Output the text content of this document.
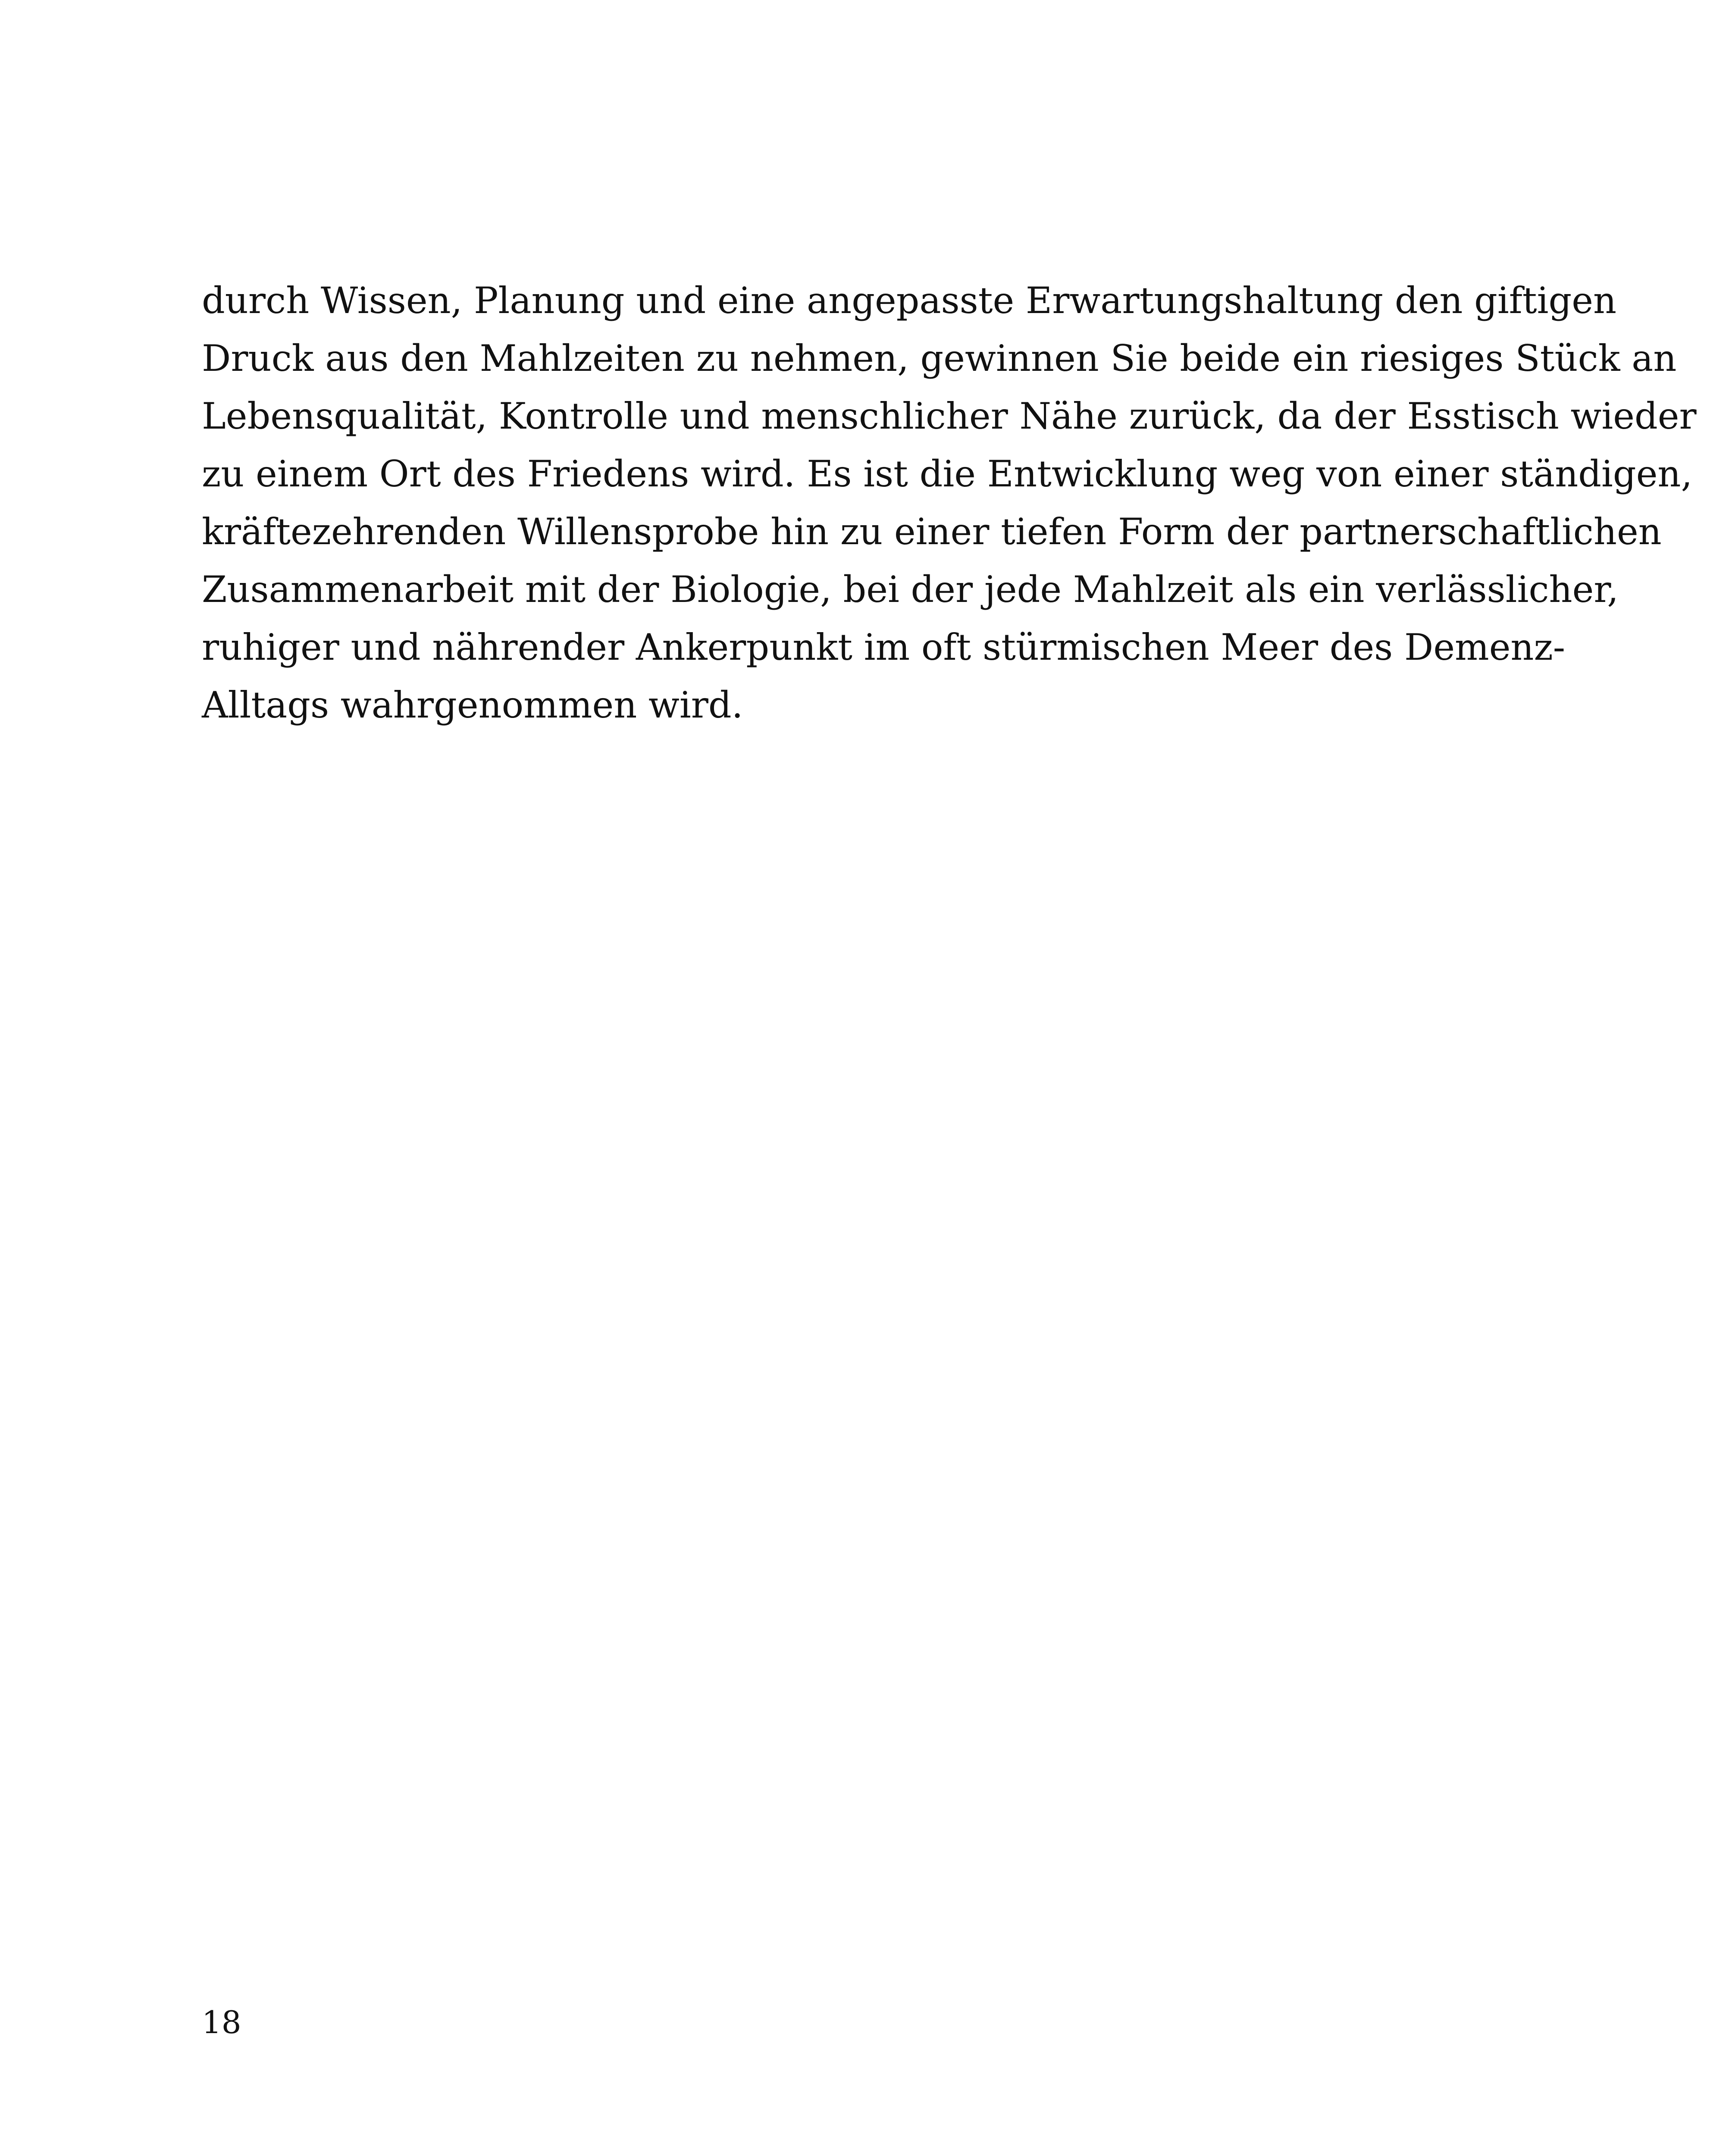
durch Wissen, Planung und eine angepasste Erwartungshaltung den giftigen
Druck aus den Mahlzeiten zu nehmen, gewinnen Sie beide ein riesiges Stück an
Lebensqualität, Kontrolle und menschlicher Nähe zurück, da der Esstisch wieder
zu einem Ort des Friedens wird. Es ist die Entwicklung weg von einer ständigen,
kräftezehrenden Willensprobe hin zu einer tiefen Form der partnerschaftlichen
Zusammenarbeit mit der Biologie, bei der jede Mahlzeit als ein verlässlicher,
ruhiger und nährender Ankerpunkt im oft stürmischen Meer des Demenz-
Alltags wahrgenommen wird.
18
